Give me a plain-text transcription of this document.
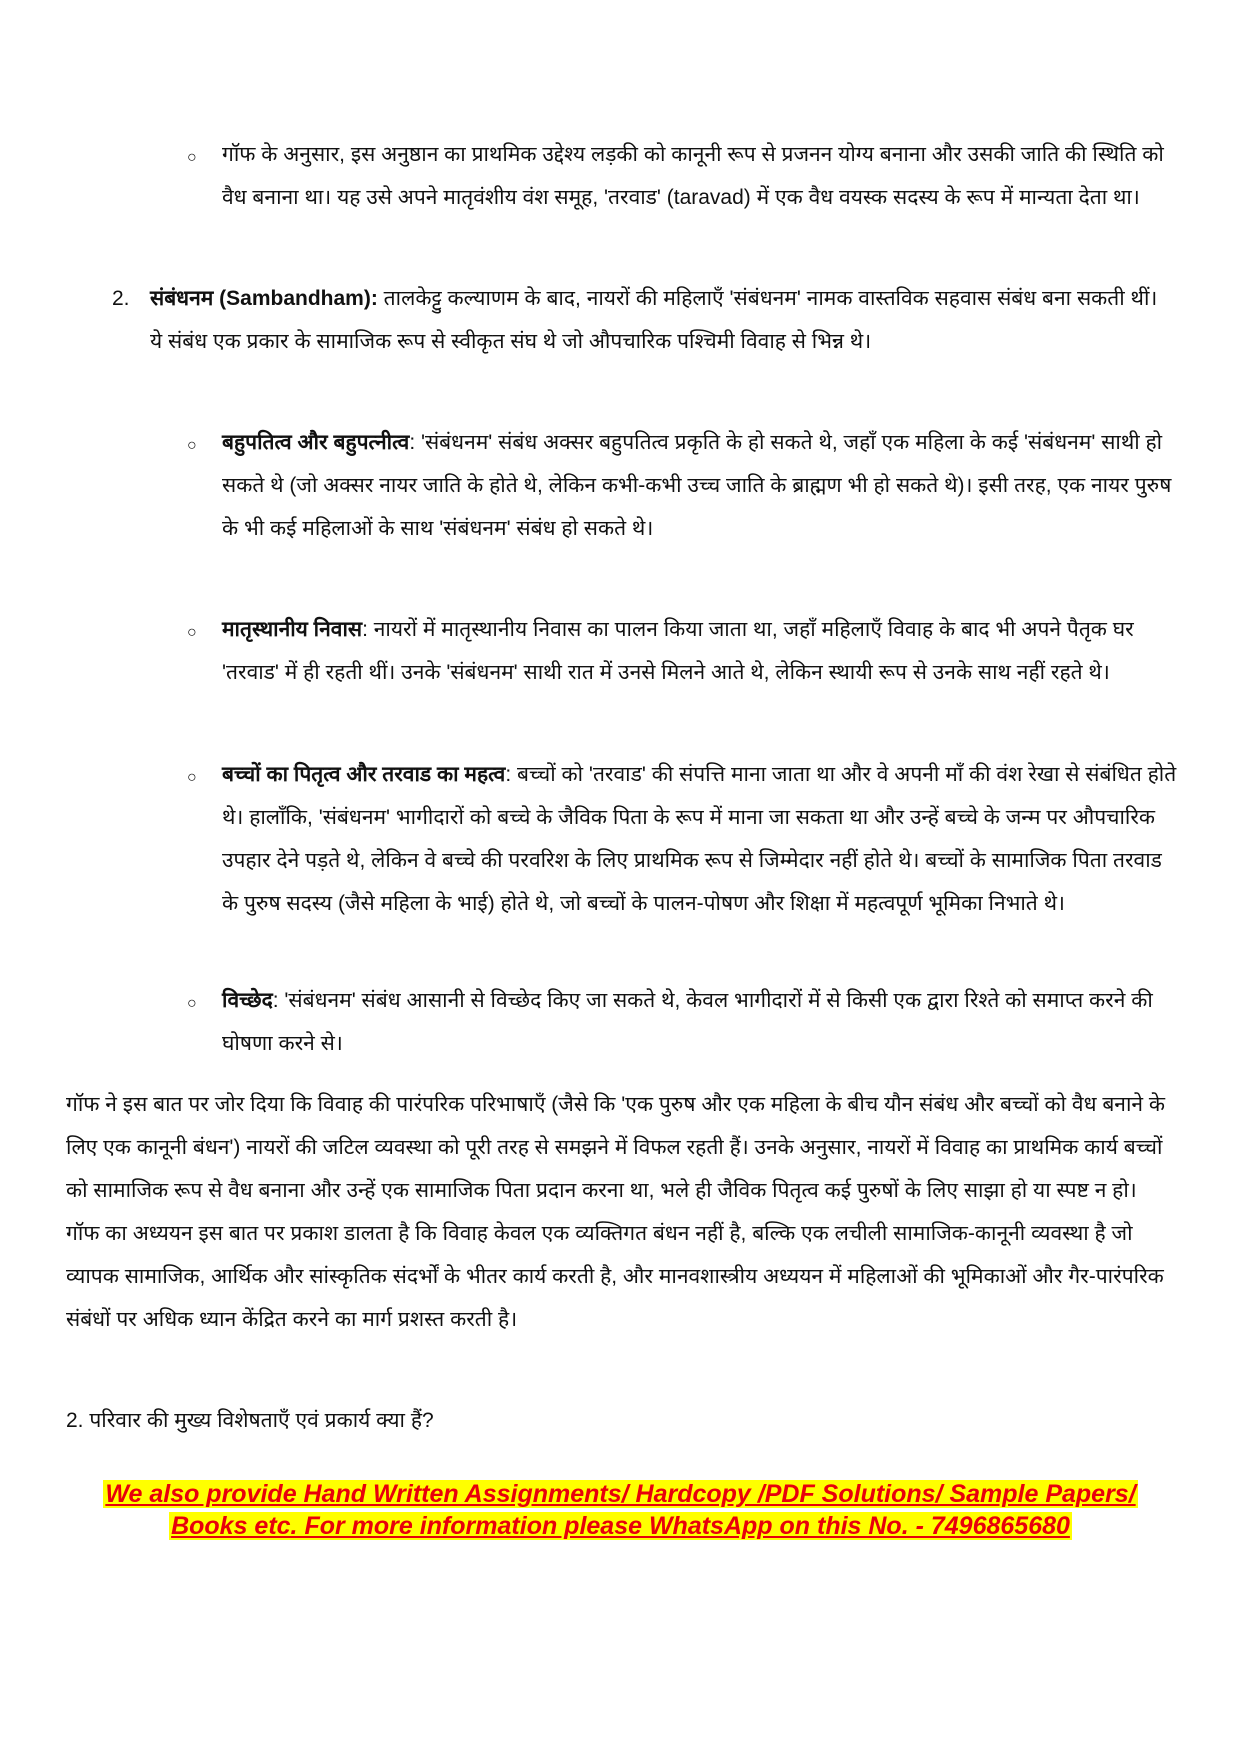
○ गॉफ के अनुसार, इस अनुष्ठान का प्राथमिक उद्देश्य लड़की को कानूनी रूप से प्रजनन योग्य बनाना और उसकी जाति की स्थिति को वैध बनाना था। यह उसे अपने मातृवंशीय वंश समूह, 'तरवाड' (taravad) में एक वैध वयस्क सदस्य के रूप में मान्यता देता था।

2. संबंधनम (Sambandham): तालकेट्टु कल्याणम के बाद, नायरों की महिलाएँ 'संबंधनम' नामक वास्तविक सहवास संबंध बना सकती थीं। ये संबंध एक प्रकार के सामाजिक रूप से स्वीकृत संघ थे जो औपचारिक पश्चिमी विवाह से भिन्न थे।

○ बहुपतित्व और बहुपत्नीत्व: 'संबंधनम' संबंध अक्सर बहुपतित्व प्रकृति के हो सकते थे, जहाँ एक महिला के कई 'संबंधनम' साथी हो सकते थे (जो अक्सर नायर जाति के होते थे, लेकिन कभी-कभी उच्च जाति के ब्राह्मण भी हो सकते थे)। इसी तरह, एक नायर पुरुष के भी कई महिलाओं के साथ 'संबंधनम' संबंध हो सकते थे।

○ मातृस्थानीय निवास: नायरों में मातृस्थानीय निवास का पालन किया जाता था, जहाँ महिलाएँ विवाह के बाद भी अपने पैतृक घर 'तरवाड' में ही रहती थीं। उनके 'संबंधनम' साथी रात में उनसे मिलने आते थे, लेकिन स्थायी रूप से उनके साथ नहीं रहते थे।

○ बच्चों का पितृत्व और तरवाड का महत्व: बच्चों को 'तरवाड' की संपत्ति माना जाता था और वे अपनी माँ की वंश रेखा से संबंधित होते थे। हालाँकि, 'संबंधनम' भागीदारों को बच्चे के जैविक पिता के रूप में माना जा सकता था और उन्हें बच्चे के जन्म पर औपचारिक उपहार देने पड़ते थे, लेकिन वे बच्चे की परवरिश के लिए प्राथमिक रूप से जिम्मेदार नहीं होते थे। बच्चों के सामाजिक पिता तरवाड के पुरुष सदस्य (जैसे महिला के भाई) होते थे, जो बच्चों के पालन-पोषण और शिक्षा में महत्वपूर्ण भूमिका निभाते थे।

○ विच्छेद: 'संबंधनम' संबंध आसानी से विच्छेद किए जा सकते थे, केवल भागीदारों में से किसी एक द्वारा रिश्ते को समाप्त करने की घोषणा करने से।

गॉफ ने इस बात पर जोर दिया कि विवाह की पारंपरिक परिभाषाएँ (जैसे कि 'एक पुरुष और एक महिला के बीच यौन संबंध और बच्चों को वैध बनाने के लिए एक कानूनी बंधन') नायरों की जटिल व्यवस्था को पूरी तरह से समझने में विफल रहती हैं। उनके अनुसार, नायरों में विवाह का प्राथमिक कार्य बच्चों को सामाजिक रूप से वैध बनाना और उन्हें एक सामाजिक पिता प्रदान करना था, भले ही जैविक पितृत्व कई पुरुषों के लिए साझा हो या स्पष्ट न हो। गॉफ का अध्ययन इस बात पर प्रकाश डालता है कि विवाह केवल एक व्यक्तिगत बंधन नहीं है, बल्कि एक लचीली सामाजिक-कानूनी व्यवस्था है जो व्यापक सामाजिक, आर्थिक और सांस्कृतिक संदर्भों के भीतर कार्य करती है, और मानवशास्त्रीय अध्ययन में महिलाओं की भूमिकाओं और गैर-पारंपरिक संबंधों पर अधिक ध्यान केंद्रित करने का मार्ग प्रशस्त करती है।

2. परिवार की मुख्य विशेषताएँ एवं प्रकार्य क्या हैं?

We also provide Hand Written Assignments/ Hardcopy /PDF Solutions/ Sample Papers/
Books etc. For more information please WhatsApp on this No. - 7496865680
